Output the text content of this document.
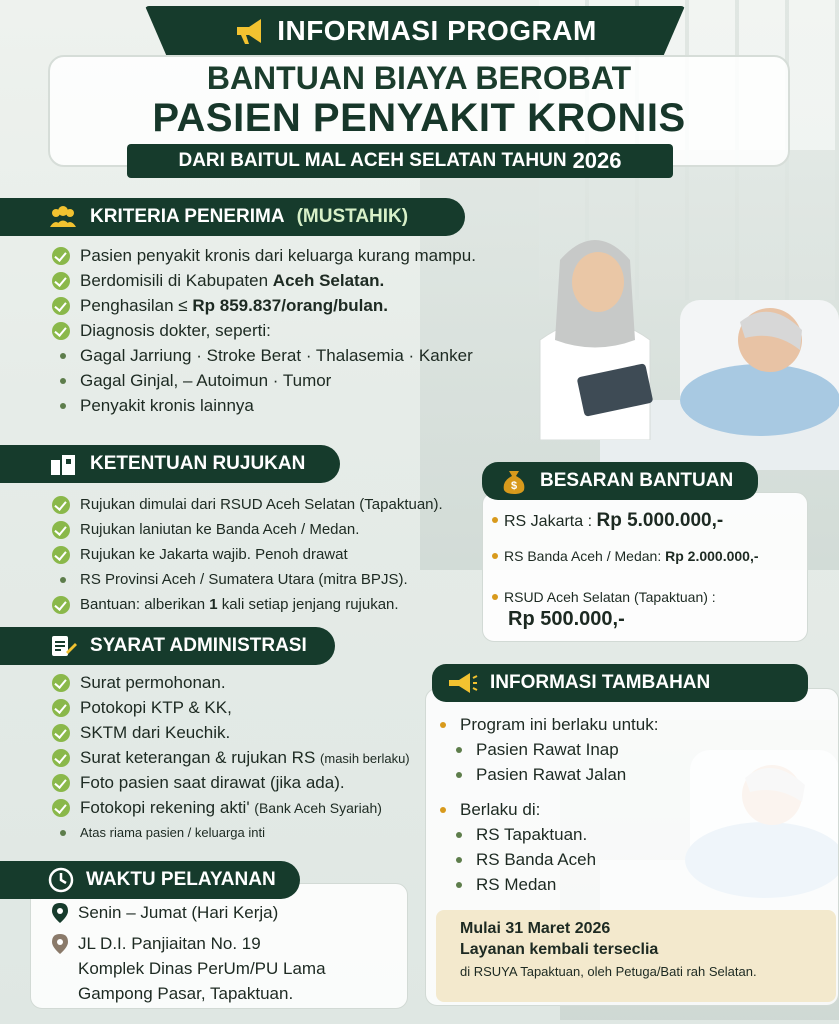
INFORMASI PROGRAM
BANTUAN BIAYA BEROBAT
PASIEN PENYAKIT KRONIS
DARI BAITUL MAL ACEH SELATAN TAHUN 2026
KRITERIA PENERIMA (MUSTAHIK)
Pasien penyakit kronis dari keluarga kurang mampu.
Berdomisili di Kabupaten Aceh Selatan.
Penghasilan ≤ Rp 859.837/orang/bulan.
Diagnosis dokter, seperti:
Gagal Jarriung · Stroke Berat · Thalasemia · Kanker
Gagal Ginjal, – Autoimun · Tumor
Penyakit kronis lainnya
KETENTUAN RUJUKAN
Rujukan dimulai dari RSUD Aceh Selatan (Tapaktuan).
Rujukan laniutan ke Banda Aceh / Medan.
Rujukan ke Jakarta wajib. Penoh drawat
RS Provinsi Aceh / Sumatera Utara (mitra BPJS).
Bantuan: alberikan 1 kali setiap jenjang rujukan.
$ BESARAN BANTUAN
RS Jakarta : Rp 5.000.000,-
RS Banda Aceh / Medan: Rp 2.000.000,-
RSUD Aceh Selatan (Tapaktuan) :
Rp 500.000,-
SYARAT ADMINISTRASI
Surat permohonan.
Potokopi KTP & KK,
SKTM dari Keuchik.
Surat keterangan & rujukan RS (masih berlaku)
Foto pasien saat dirawat (jika ada).
Fotokopi rekening akti' (Bank Aceh Syariah)
Atas riama pasien / keluarga inti
INFORMASI TAMBAHAN
Program ini berlaku untuk:
Pasien Rawat Inap
Pasien Rawat Jalan
Berlaku di:
RS Tapaktuan.
RS Banda Aceh
RS Medan
Mulai 31 Maret 2026
Layanan kembali terseclia
di RSUYA Tapaktuan, oleh Petuga/Bati rah Selatan.
WAKTU PELAYANAN
Senin – Jumat (Hari Kerja)
JL D.I. Panjiaitan No. 19
Komplek Dinas PerUm/PU Lama
Gampong Pasar, Tapaktuan.
